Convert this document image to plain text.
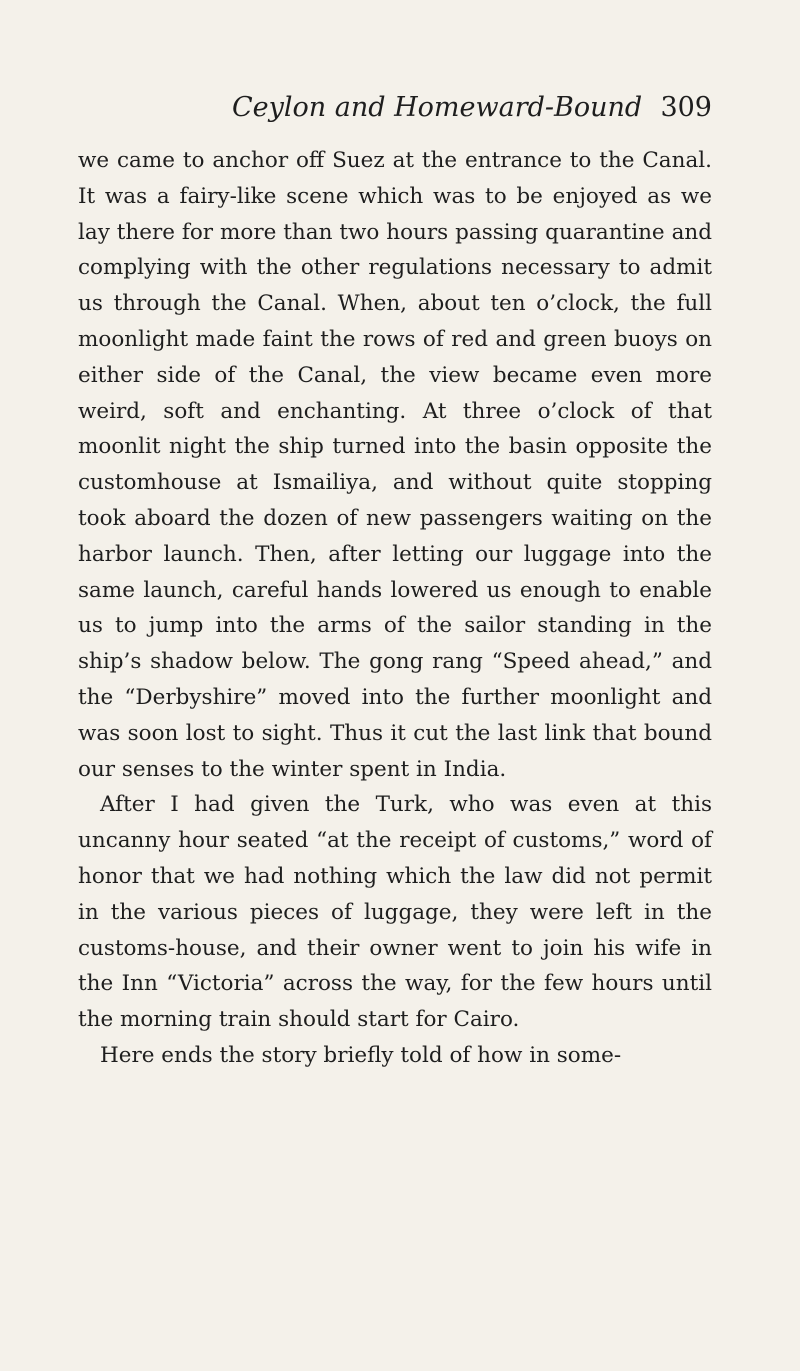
Ceylon and Homeward-Bound 309

we came to anchor off Suez at the entrance to the Canal. It was a fairy-like scene which was to be enjoyed as we lay there for more than two hours passing quarantine and complying with the other regulations necessary to admit us through the Canal. When, about ten o’clock, the full moonlight made faint the rows of red and green buoys on either side of the Canal, the view became even more weird, soft and enchanting. At three o’clock of that moonlit night the ship turned into the basin opposite the customhouse at Ismailiya, and without quite stopping took aboard the dozen of new passengers waiting on the harbor launch. Then, after letting our luggage into the same launch, careful hands lowered us enough to enable us to jump into the arms of the sailor standing in the ship’s shadow below. The gong rang “Speed ahead,” and the “Derbyshire” moved into the further moonlight and was soon lost to sight. Thus it cut the last link that bound our senses to the winter spent in India.

After I had given the Turk, who was even at this uncanny hour seated “at the receipt of customs,” word of honor that we had nothing which the law did not permit in the various pieces of luggage, they were left in the customs-house, and their owner went to join his wife in the Inn “Victoria” across the way, for the few hours until the morning train should start for Cairo.

Here ends the story briefly told of how in some-
